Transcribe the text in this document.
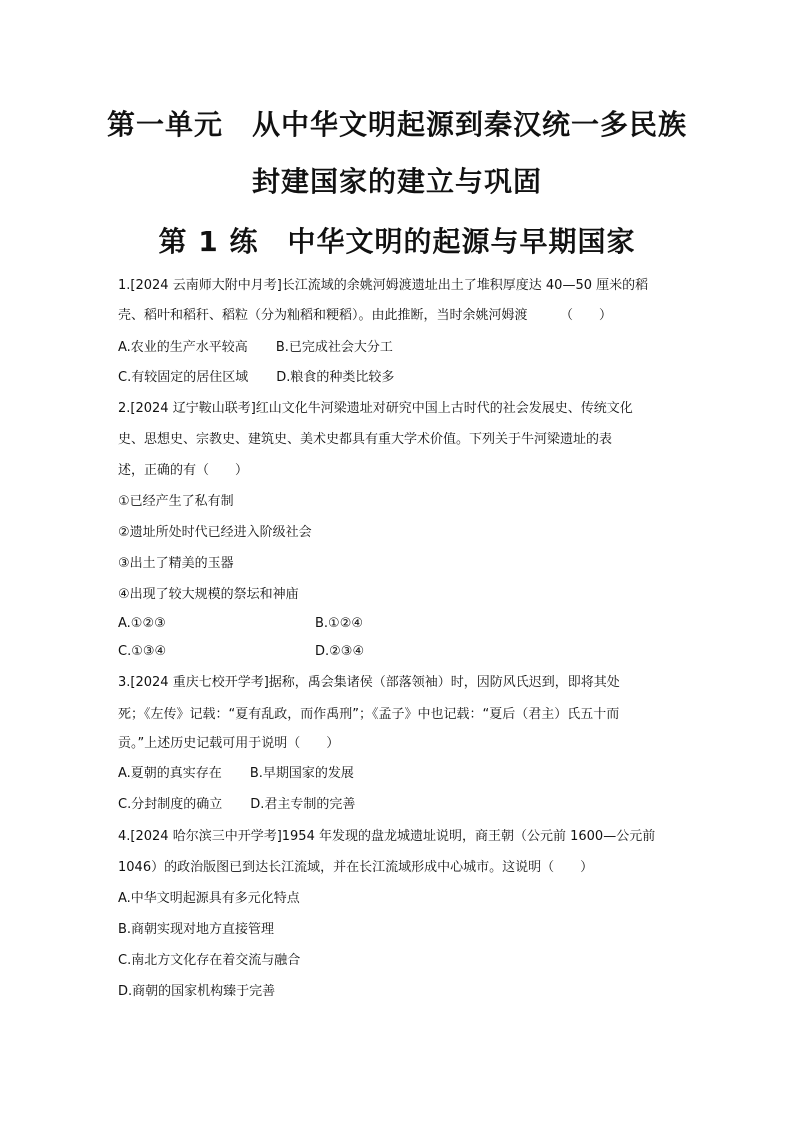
第一单元　从中华文明起源到秦汉统一多民族
封建国家的建立与巩固
第 1 练　中华文明的起源与早期国家
1.[2024 云南师大附中月考]长江流域的余姚河姆渡遗址出土了堆积厚度达 40—50 厘米的稻
壳、稻叶和稻秆、稻粒（分为籼稻和粳稻）。由此推断，当时余姚河姆渡　　　（　　）
A.农业的生产水平较高 B.已完成社会大分工
C.有较固定的居住区域 D.粮食的种类比较多
2.[2024 辽宁鞍山联考]红山文化牛河梁遗址对研究中国上古时代的社会发展史、传统文化
史、思想史、宗教史、建筑史、美术史都具有重大学术价值。下列关于牛河梁遗址的表
述，正确的有（　　）
①已经产生了私有制
②遗址所处时代已经进入阶级社会
③出土了精美的玉器
④出现了较大规模的祭坛和神庙
A.①②③	B.①②④
C.①③④	D.②③④
3.[2024 重庆七校开学考]据称，禹会集诸侯（部落领袖）时，因防风氏迟到，即将其处
死；《左传》记载：“夏有乱政，而作禹刑”；《孟子》中也记载：“夏后（君主）氏五十而
贡。”上述历史记载可用于说明（　　）
A.夏朝的真实存在 B.早期国家的发展
C.分封制度的确立 D.君主专制的完善
4.[2024 哈尔滨三中开学考]1954 年发现的盘龙城遗址说明，商王朝（公元前 1600—公元前
1046）的政治版图已到达长江流域，并在长江流域形成中心城市。这说明（　　）
A.中华文明起源具有多元化特点
B.商朝实现对地方直接管理
C.南北方文化存在着交流与融合
D.商朝的国家机构臻于完善
